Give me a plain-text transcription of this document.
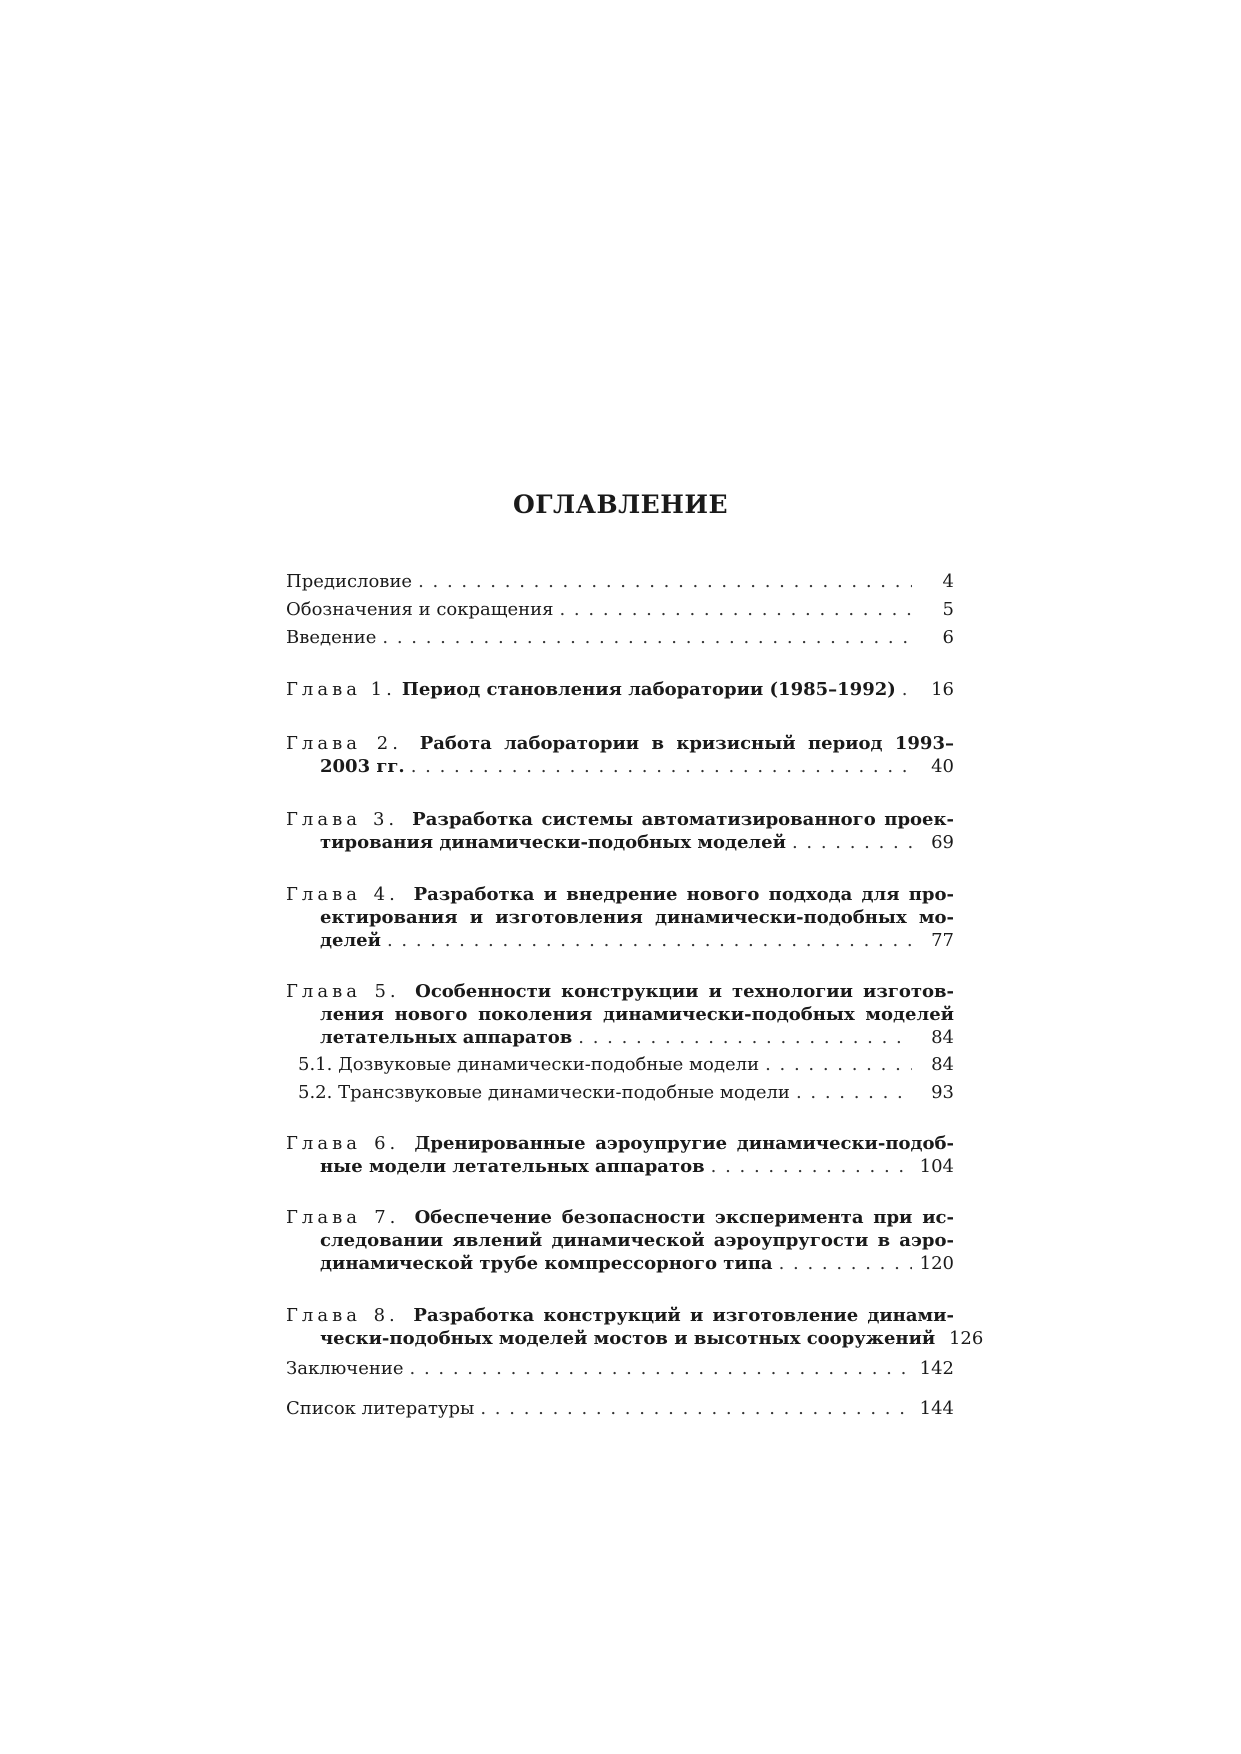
ОГЛАВЛЕНИЕ
Предисловие . . .	4
Обозначения и сокращения . . .	5
Введение . . .	6
Глава 1. Период становления лаборатории (1985–1992) . . .	16
Глава 2. Работа лаборатории в кризисный период 1993–
2003 гг. . . .	40
Глава 3. Разработка системы автоматизированного проек-
тирования динамически-подобных моделей . . .	69
Глава 4. Разработка и внедрение нового подхода для про-
ектирования и изготовления динамически-подобных мо-
делей . . .	77
Глава 5. Особенности конструкции и технологии изготов-
ления нового поколения динамически-подобных моделей
летательных аппаратов . . .	84
5.1. Дозвуковые динамически-подобные модели . . .	84
5.2. Трансзвуковые динамически-подобные модели . . .	93
Глава 6. Дренированные аэроупругие динамически-подоб-
ные модели летательных аппаратов . . .	104
Глава 7. Обеспечение безопасности эксперимента при ис-
следовании явлений динамической аэроупругости в аэро-
динамической трубе компрессорного типа . . .	120
Глава 8. Разработка конструкций и изготовление динами-
чески-подобных моделей мостов и высотных сооружений 126
Заключение . . .	142
Список литературы . . .	144
